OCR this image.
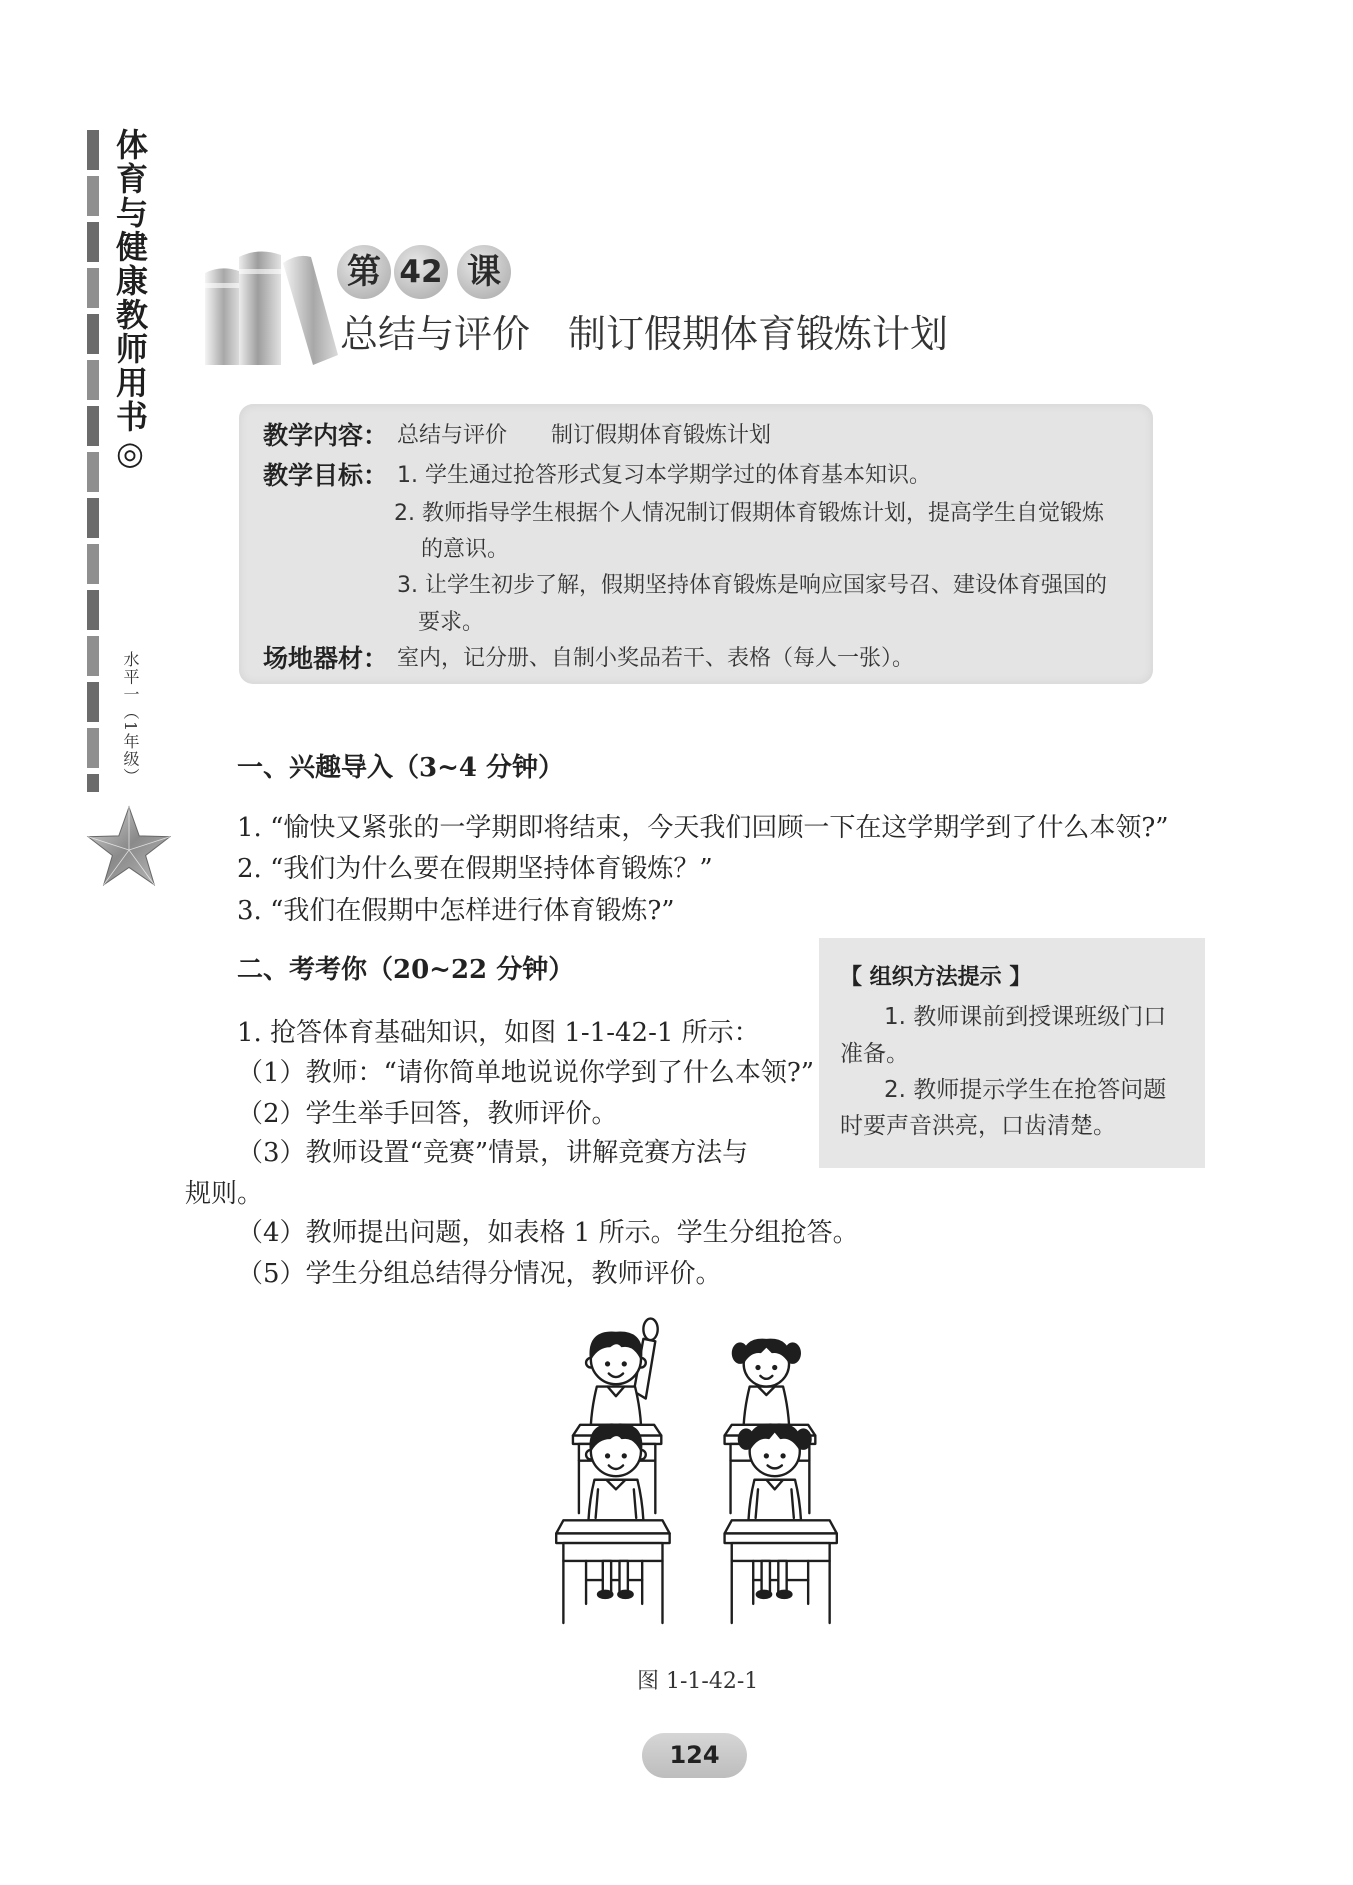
体育与健康教师用书◎
水平一（1年级）
第 42 课
总结与评价　制订假期体育锻炼计划
教学内容： 总结与评价　　制订假期体育锻炼计划
教学目标： 1. 学生通过抢答形式复习本学期学过的体育基本知识。
2. 教师指导学生根据个人情况制订假期体育锻炼计划，提高学生自觉锻炼
的意识。
3. 让学生初步了解，假期坚持体育锻炼是响应国家号召、建设体育强国的
要求。
场地器材： 室内，记分册、自制小奖品若干、表格（每人一张）。
一、兴趣导入（3~4 分钟）
1. “愉快又紧张的一学期即将结束，今天我们回顾一下在这学期学到了什么本领?”
2. “我们为什么要在假期坚持体育锻炼？”
3. “我们在假期中怎样进行体育锻炼?”
二、考考你（20~22 分钟）
1. 抢答体育基础知识，如图 1-1-42-1 所示：
（1）教师：“请你简单地说说你学到了什么本领?”
（2）学生举手回答，教师评价。
（3）教师设置“竞赛”情景，讲解竞赛方法与
规则。
（4）教师提出问题，如表格 1 所示。学生分组抢答。
（5）学生分组总结得分情况，教师评价。
【 组织方法提示 】
1. 教师课前到授课班级门口
准备。
2. 教师提示学生在抢答问题
时要声音洪亮，口齿清楚。
图 1-1-42-1
124
